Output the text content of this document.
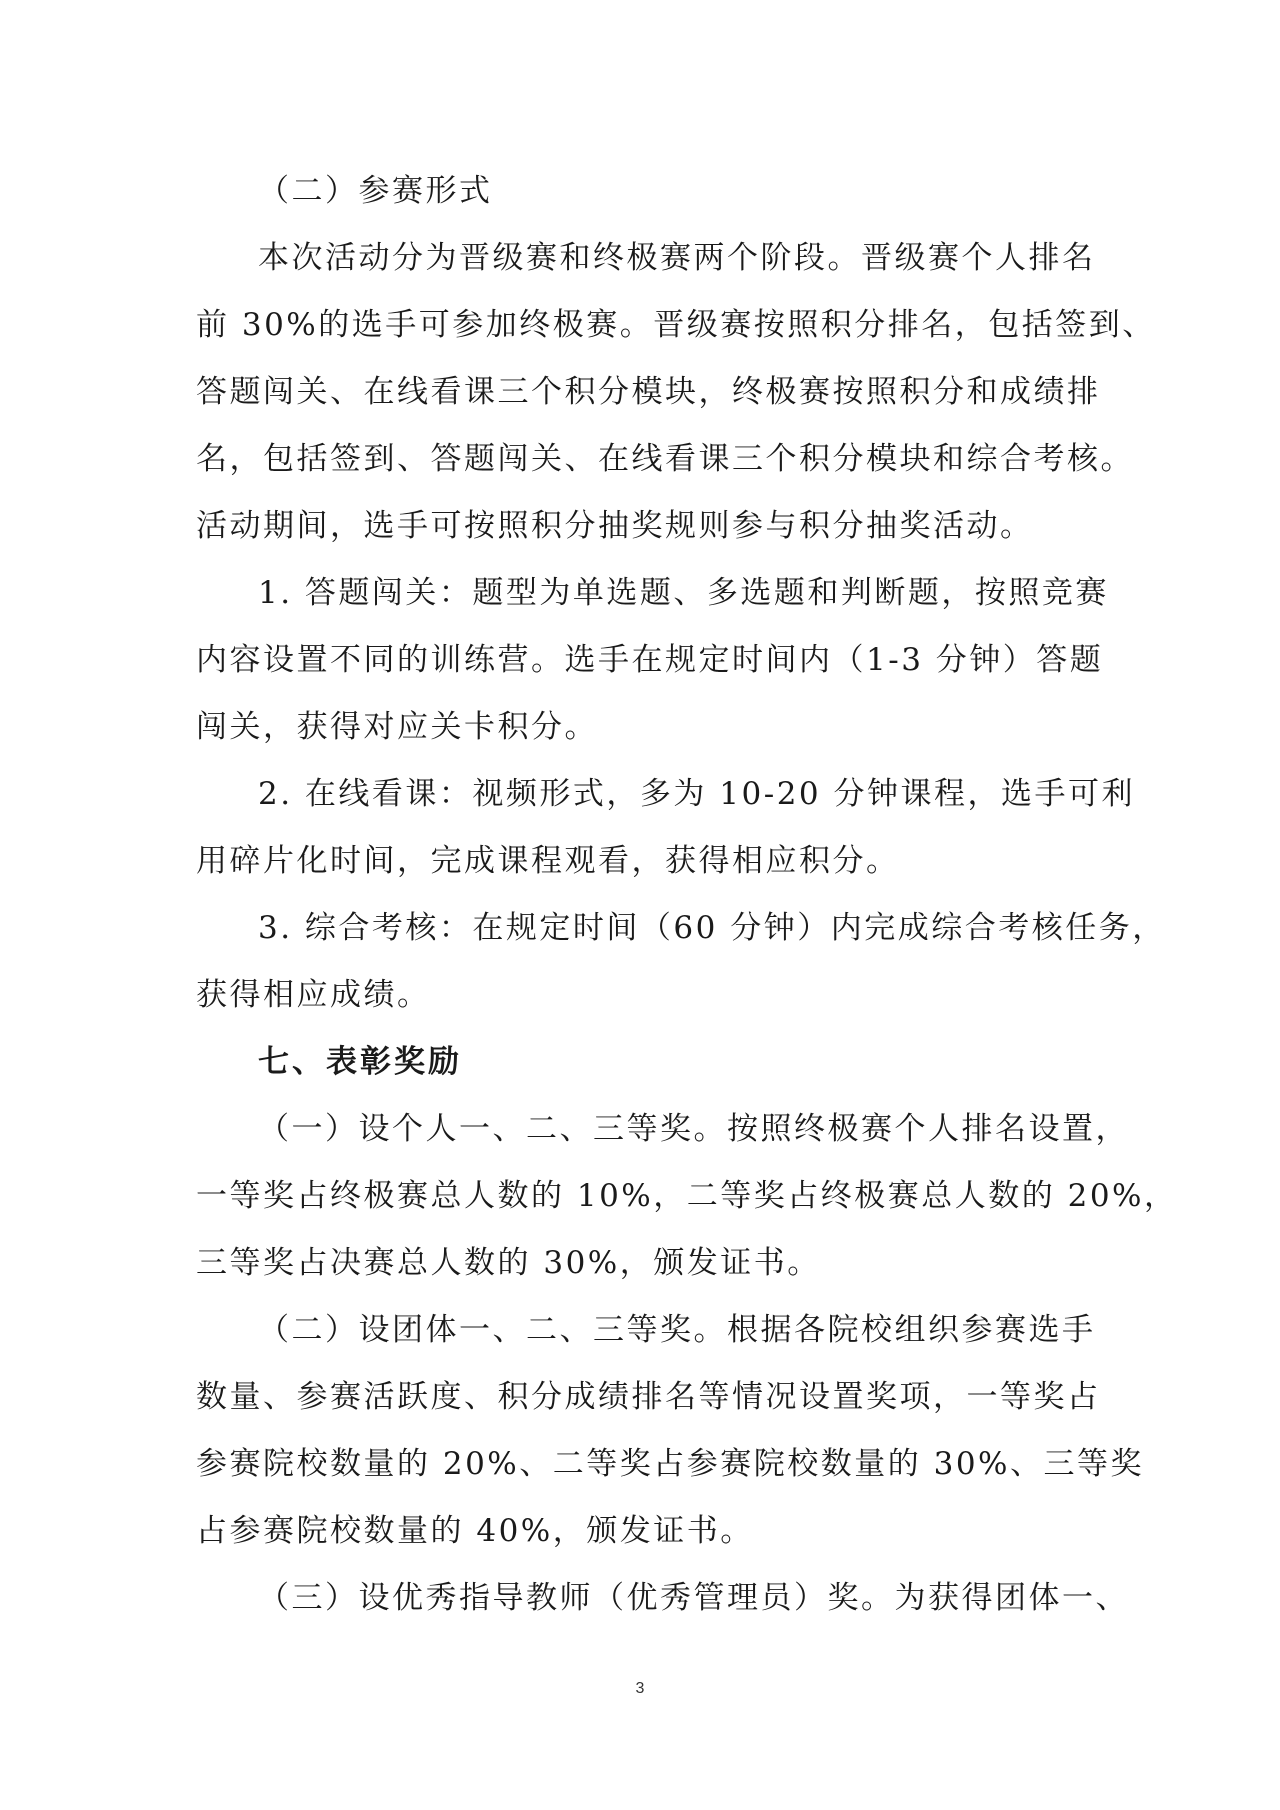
（二）参赛形式
本次活动分为晋级赛和终极赛两个阶段。晋级赛个人排名
前 30%的选手可参加终极赛。晋级赛按照积分排名，包括签到、
答题闯关、在线看课三个积分模块，终极赛按照积分和成绩排
名，包括签到、答题闯关、在线看课三个积分模块和综合考核。
活动期间，选手可按照积分抽奖规则参与积分抽奖活动。
1. 答题闯关：题型为单选题、多选题和判断题，按照竞赛
内容设置不同的训练营。选手在规定时间内（1-3 分钟）答题
闯关，获得对应关卡积分。
2. 在线看课：视频形式，多为 10-20 分钟课程，选手可利
用碎片化时间，完成课程观看，获得相应积分。
3. 综合考核：在规定时间（60 分钟）内完成综合考核任务，
获得相应成绩。
七、表彰奖励
（一）设个人一、二、三等奖。按照终极赛个人排名设置，
一等奖占终极赛总人数的 10%，二等奖占终极赛总人数的 20%，
三等奖占决赛总人数的 30%，颁发证书。
（二）设团体一、二、三等奖。根据各院校组织参赛选手
数量、参赛活跃度、积分成绩排名等情况设置奖项，一等奖占
参赛院校数量的 20%、二等奖占参赛院校数量的 30%、三等奖
占参赛院校数量的 40%，颁发证书。
（三）设优秀指导教师（优秀管理员）奖。为获得团体一、
3
